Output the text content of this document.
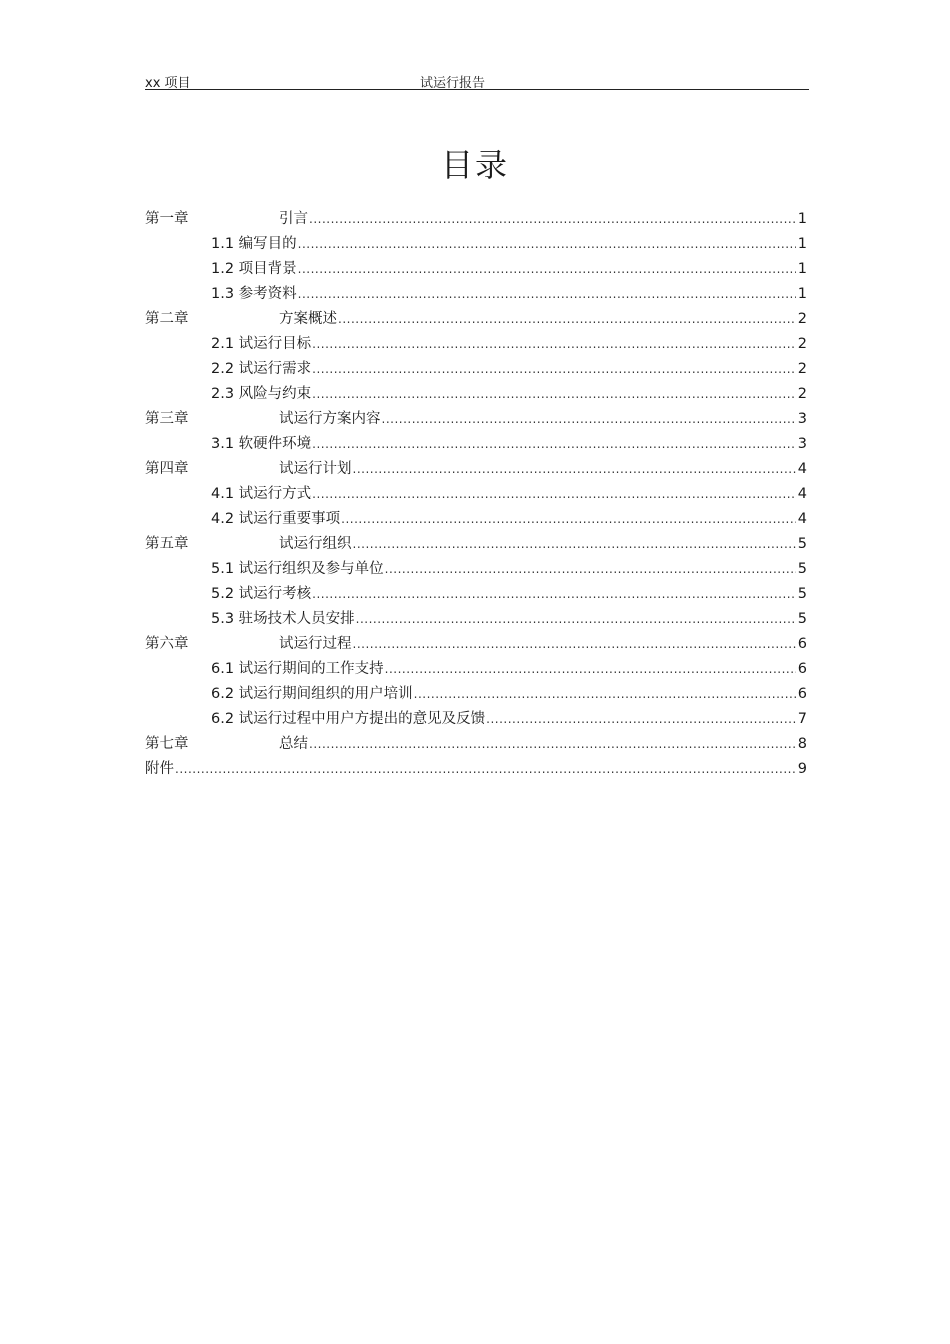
xx 项目	试运行报告
目录
第一章	引言 .....	1
1.1 编写目的 .....	1
1.2 项目背景 .....	1
1.3 参考资料 .....	1
第二章	方案概述 .....	2
2.1 试运行目标 .....	2
2.2 试运行需求 .....	2
2.3 风险与约束 .....	2
第三章	试运行方案内容 .....	3
3.1 软硬件环境 .....	3
第四章	试运行计划 .....	4
4.1 试运行方式 .....	4
4.2 试运行重要事项 .....	4
第五章	试运行组织 .....	5
5.1 试运行组织及参与单位 .....	5
5.2 试运行考核 .....	5
5.3 驻场技术人员安排 .....	5
第六章	试运行过程 .....	6
6.1 试运行期间的工作支持 .....	6
6.2 试运行期间组织的用户培训 .....	6
6.2 试运行过程中用户方提出的意见及反馈 .....	7
第七章	总结 .....	8
附件 .....	9
